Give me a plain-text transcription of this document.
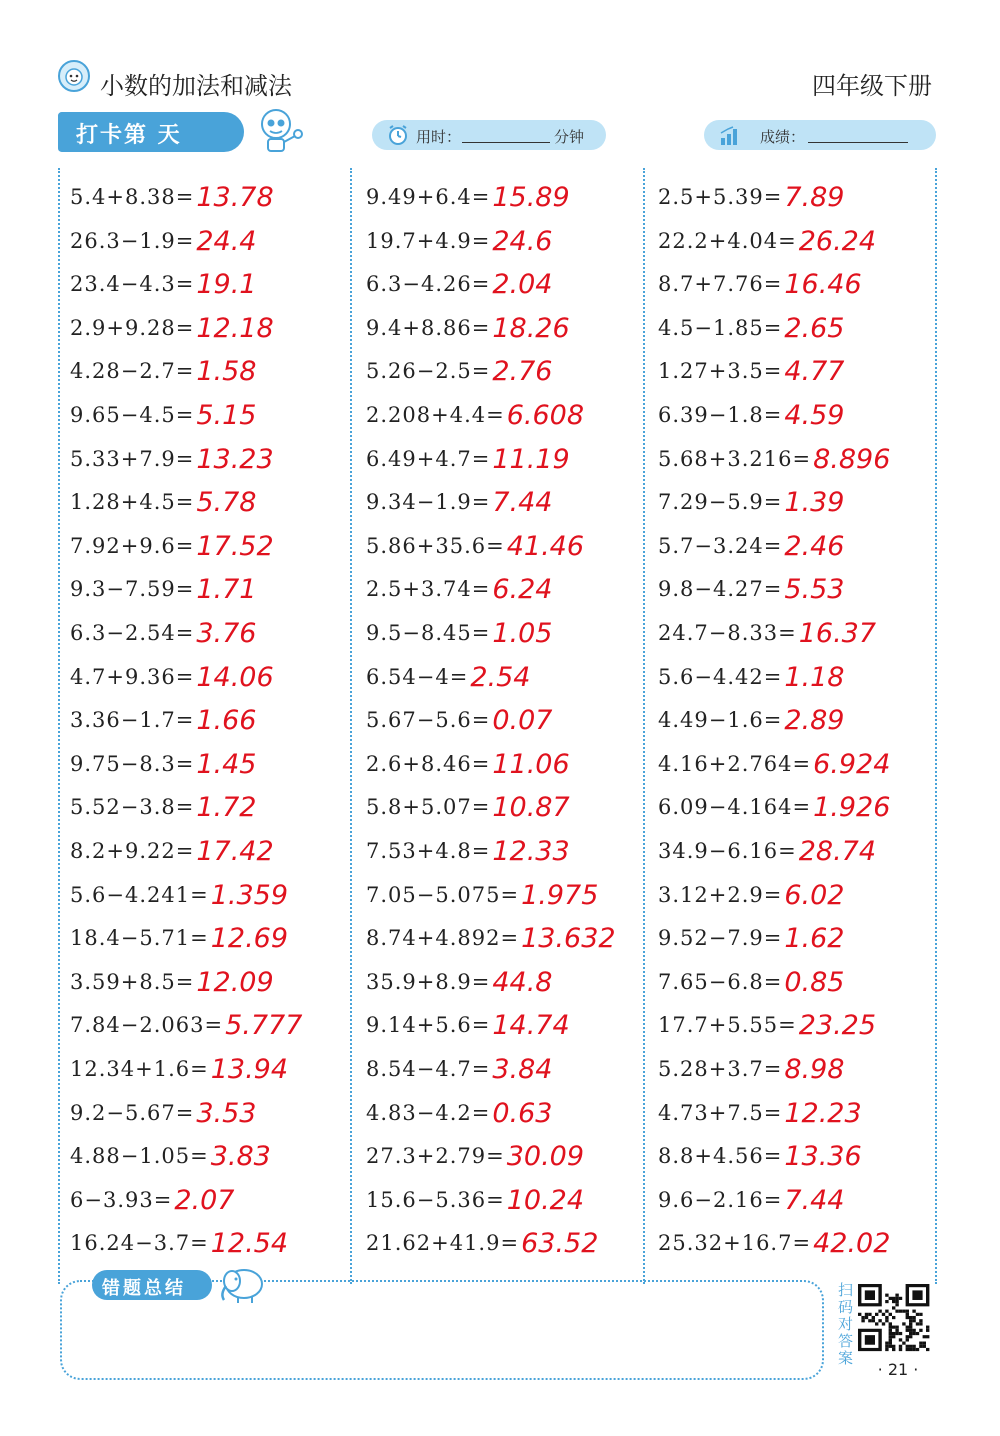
小数的加法和减法	四年级下册
打卡第 天	用时：	分钟	成绩：
5.4+8.38=13.78
26.3−1.9=24.4
23.4−4.3=19.1
2.9+9.28=12.18
4.28−2.7=1.58
9.65−4.5=5.15
5.33+7.9=13.23
1.28+4.5=5.78
7.92+9.6=17.52
9.3−7.59=1.71
6.3−2.54=3.76
4.7+9.36=14.06
3.36−1.7=1.66
9.75−8.3=1.45
5.52−3.8=1.72
8.2+9.22=17.42
5.6−4.241=1.359
18.4−5.71=12.69
3.59+8.5=12.09
7.84−2.063=5.777
12.34+1.6=13.94
9.2−5.67=3.53
4.88−1.05=3.83
6−3.93=2.07
16.24−3.7=12.54
9.49+6.4=15.89
19.7+4.9=24.6
6.3−4.26=2.04
9.4+8.86=18.26
5.26−2.5=2.76
2.208+4.4=6.608
6.49+4.7=11.19
9.34−1.9=7.44
5.86+35.6=41.46
2.5+3.74=6.24
9.5−8.45=1.05
6.54−4=2.54
5.67−5.6=0.07
2.6+8.46=11.06
5.8+5.07=10.87
7.53+4.8=12.33
7.05−5.075=1.975
8.74+4.892=13.632
35.9+8.9=44.8
9.14+5.6=14.74
8.54−4.7=3.84
4.83−4.2=0.63
27.3+2.79=30.09
15.6−5.36=10.24
21.62+41.9=63.52
2.5+5.39=7.89
22.2+4.04=26.24
8.7+7.76=16.46
4.5−1.85=2.65
1.27+3.5=4.77
6.39−1.8=4.59
5.68+3.216=8.896
7.29−5.9=1.39
5.7−3.24=2.46
9.8−4.27=5.53
24.7−8.33=16.37
5.6−4.42=1.18
4.49−1.6=2.89
4.16+2.764=6.924
6.09−4.164=1.926
34.9−6.16=28.74
3.12+2.9=6.02
9.52−7.9=1.62
7.65−6.8=0.85
17.7+5.55=23.25
5.28+3.7=8.98
4.73+7.5=12.23
8.8+4.56=13.36
9.6−2.16=7.44
25.32+16.7=42.02
错题总结	扫码对答案
· 21 ·
